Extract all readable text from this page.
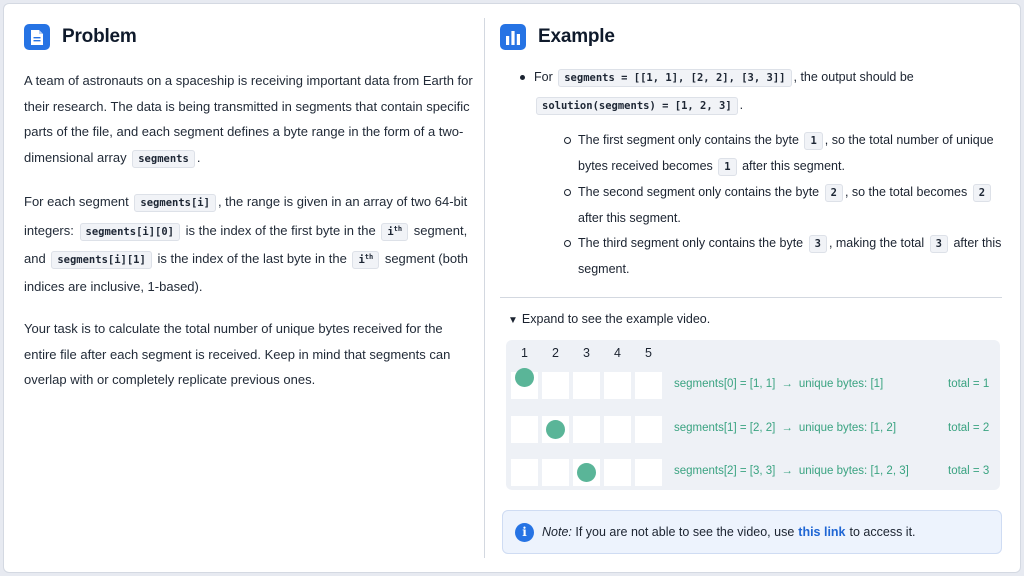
Problem

A team of astronauts on a spaceship is receiving important data from Earth for their research. The data is being transmitted in segments that contain specific parts of the file, and each segment defines a byte range in the form of a two-dimensional array segments .

For each segment segments[i] , the range is given in an array of two 64-bit integers: segments[i][0] is the index of the first byte in the $i^{th}$ segment, and segments[i][1] is the index of the last byte in the $i^{th}$ segment (both indices are inclusive, 1-based).

Your task is to calculate the total number of unique bytes received for the entire file after each segment is received. Keep in mind that segments can overlap with or completely replicate previous ones.

Example
For segments = [[1, 1], [2, 2], [3, 3]] , the output should be
solution(segments) = [1, 2, 3] .
The first segment only contains the byte 1 , so the total number of unique bytes received becomes 1 after this segment.
The second segment only contains the byte 2 , so the total becomes 2 after this segment.
The third segment only contains the byte 3 , making the total 3 after this segment.
▼ Expand to see the example video.
1	2	3	4	5
segments[0] = [1, 1] → unique bytes: [1]	total = 1
segments[1] = [2, 2] → unique bytes: [1, 2]	total = 2
segments[2] = [3, 3] → unique bytes: [1, 2, 3]	total = 3
i	Note:
If you are not able to see the video, use this link to access it.
